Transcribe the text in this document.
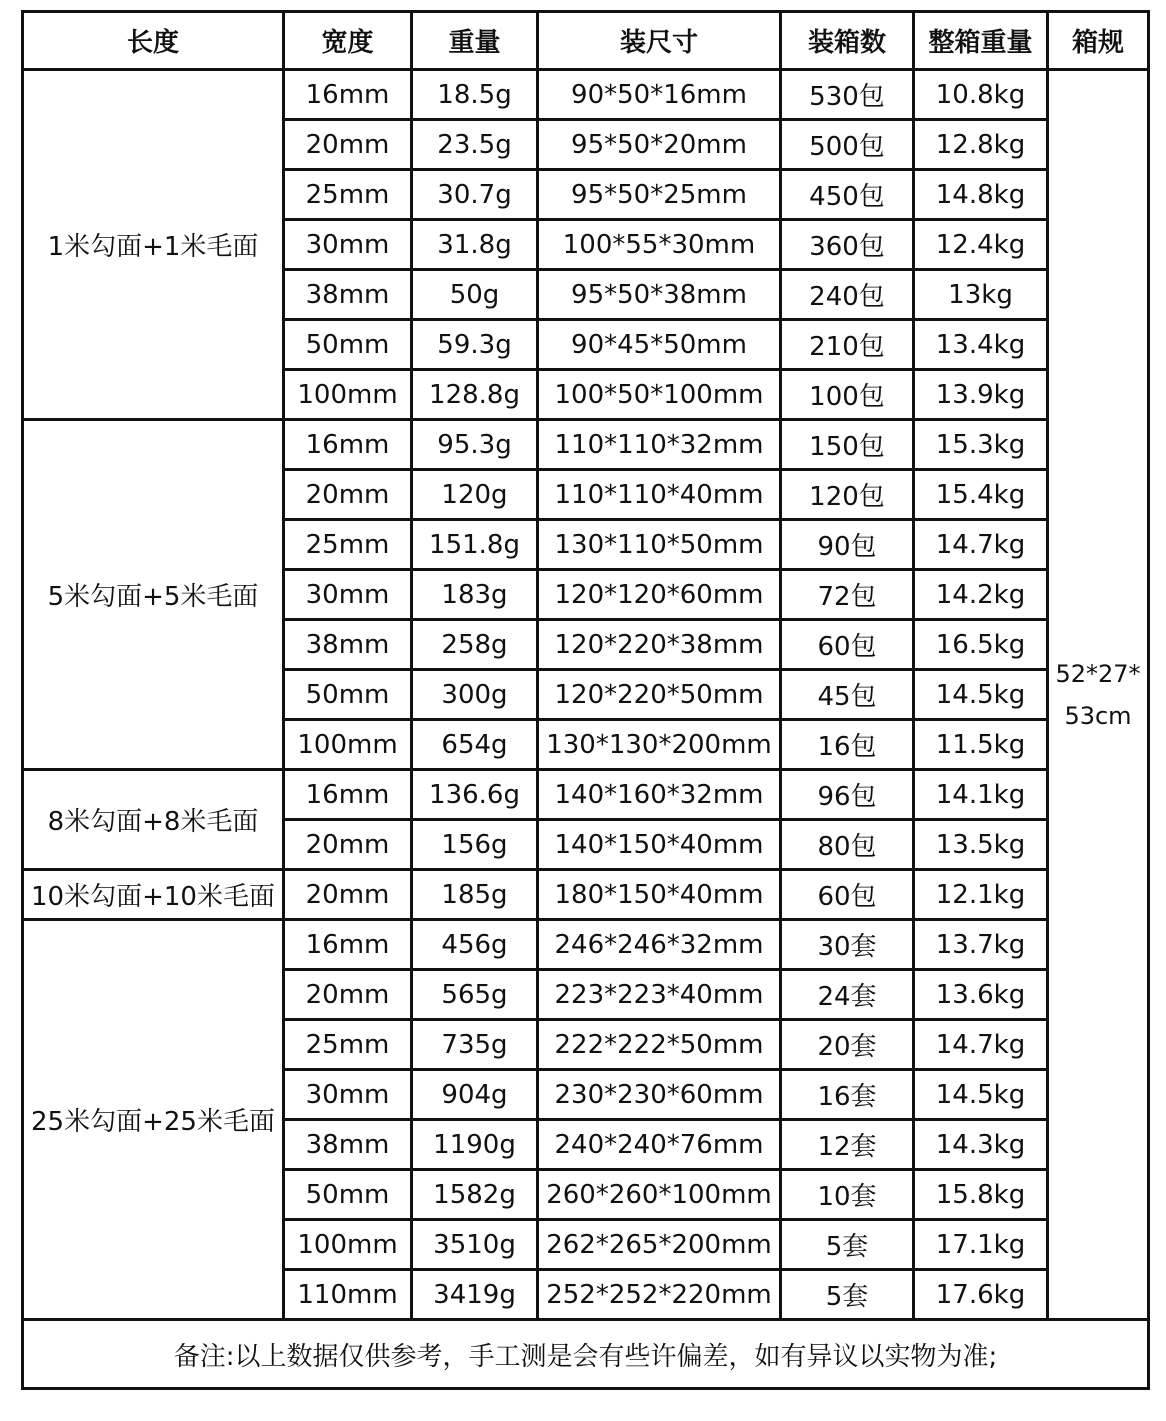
长度	宽度	重量	装尺寸	装箱数	整箱重量	箱规
1米勾面+1米毛面	16mm	18.5g	90*50*16mm	530包	10.8kg	52*27*
53cm

	20mm	23.5g	95*50*20mm	500包	12.8kg	
	25mm	30.7g	95*50*25mm	450包	14.8kg	
	30mm	31.8g	100*55*30mm	360包	12.4kg	
	38mm	50g	95*50*38mm	240包	13kg	
	50mm	59.3g	90*45*50mm	210包	13.4kg	
	100mm	128.8g	100*50*100mm	100包	13.9kg	
5米勾面+5米毛面	16mm	95.3g	110*110*32mm	150包	15.3kg	
	20mm	120g	110*110*40mm	120包	15.4kg	
	25mm	151.8g	130*110*50mm	90包	14.7kg	
	30mm	183g	120*120*60mm	72包	14.2kg	
	38mm	258g	120*220*38mm	60包	16.5kg	
	50mm	300g	120*220*50mm	45包	14.5kg	
	100mm	654g	130*130*200mm	16包	11.5kg	
8米勾面+8米毛面	16mm	136.6g	140*160*32mm	96包	14.1kg	
	20mm	156g	140*150*40mm	80包	13.5kg	
10米勾面+10米毛面	20mm	185g	180*150*40mm	60包	12.1kg	
25米勾面+25米毛面	16mm	456g	246*246*32mm	30套	13.7kg	
	20mm	565g	223*223*40mm	24套	13.6kg	
	25mm	735g	222*222*50mm	20套	14.7kg	
	30mm	904g	230*230*60mm	16套	14.5kg	
	38mm	1190g	240*240*76mm	12套	14.3kg	
	50mm	1582g	260*260*100mm	10套	15.8kg	
	100mm	3510g	262*265*200mm	5套	17.1kg	
	110mm	3419g	252*252*220mm	5套	17.6kg	
备注:以上数据仅供参考，手工测是会有些许偏差，如有异议以实物为准;						
